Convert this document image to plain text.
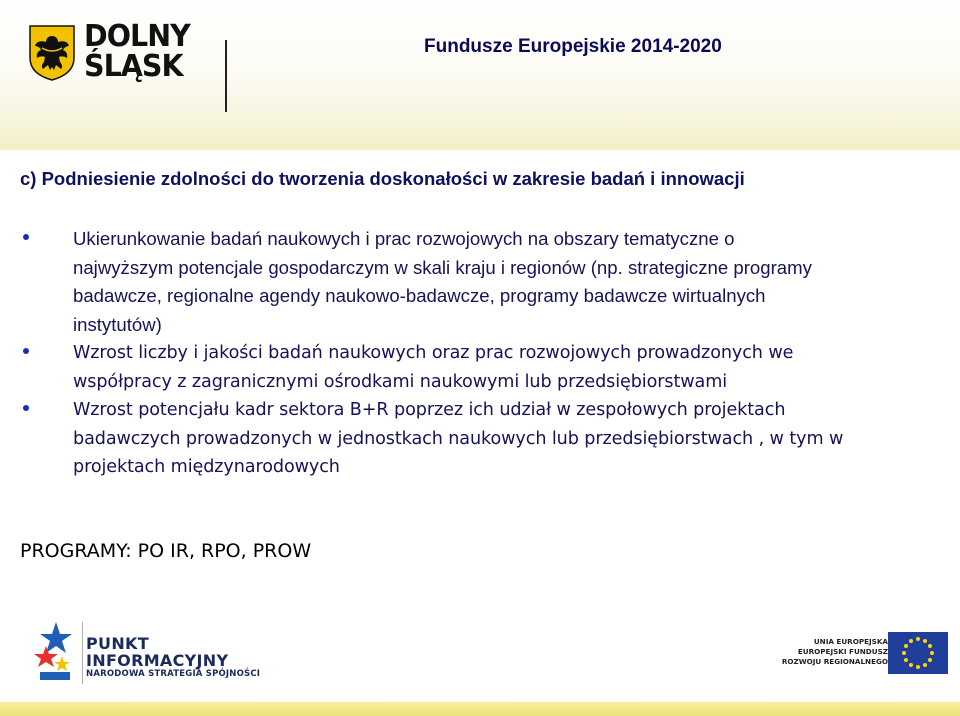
DOLNY
ŚLĄSK
Fundusze Europejskie 2014-2020
c) Podniesienie zdolności do tworzenia doskonałości w zakresie badań i innowacji
Ukierunkowanie badań naukowych i prac rozwojowych na obszary tematyczne o
najwyższym potencjale gospodarczym w skali kraju i regionów (np. strategiczne programy
badawcze, regionalne agendy naukowo-badawcze, programy badawcze wirtualnych
instytutów)
Wzrost liczby i jakości badań naukowych oraz prac rozwojowych prowadzonych we
współpracy z zagranicznymi ośrodkami naukowymi lub przedsiębiorstwami
Wzrost potencjału kadr sektora B+R poprzez ich udział w zespołowych projektach
badawczych prowadzonych w jednostkach naukowych lub przedsiębiorstwach , w tym w
projektach międzynarodowych
PROGRAMY: PO IR, RPO, PROW
PUNKT
INFORMACYJNY
NARODOWA STRATEGIA SPÓJNOŚCI
UNIA EUROPEJSKA
EUROPEJSKI FUNDUSZ
ROZWOJU REGIONALNEGO
